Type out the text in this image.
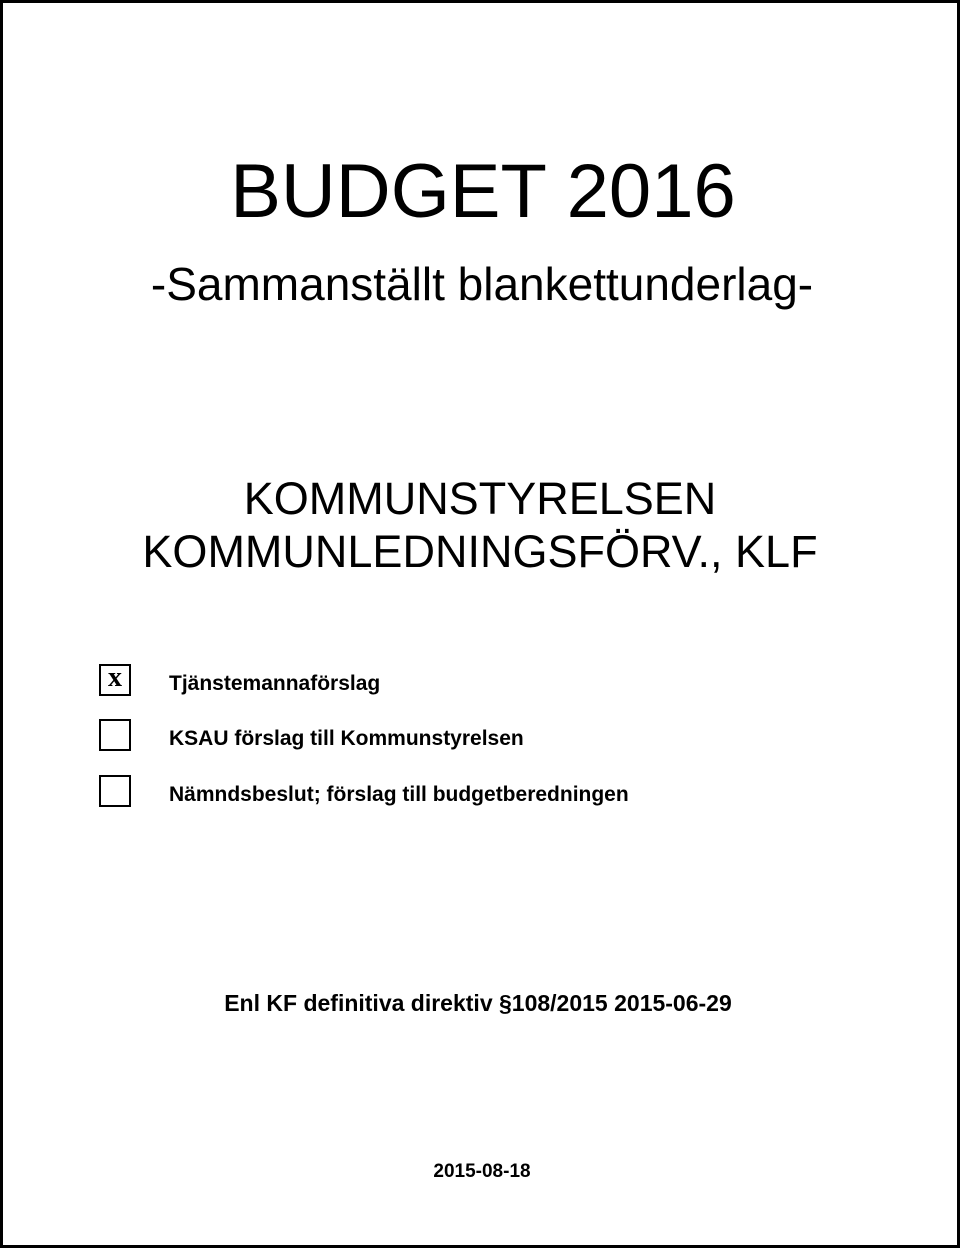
BUDGET 2016

-Sammanställt blankettunderlag-

KOMMUNSTYRELSEN

KOMMUNLEDNINGSFÖRV., KLF

x	Tjänstemannaförslag
KSAU förslag till Kommunstyrelsen
Nämndsbeslut; förslag till budgetberedningen

Enl KF definitiva direktiv §108/2015 2015-06-29

2015-08-18
